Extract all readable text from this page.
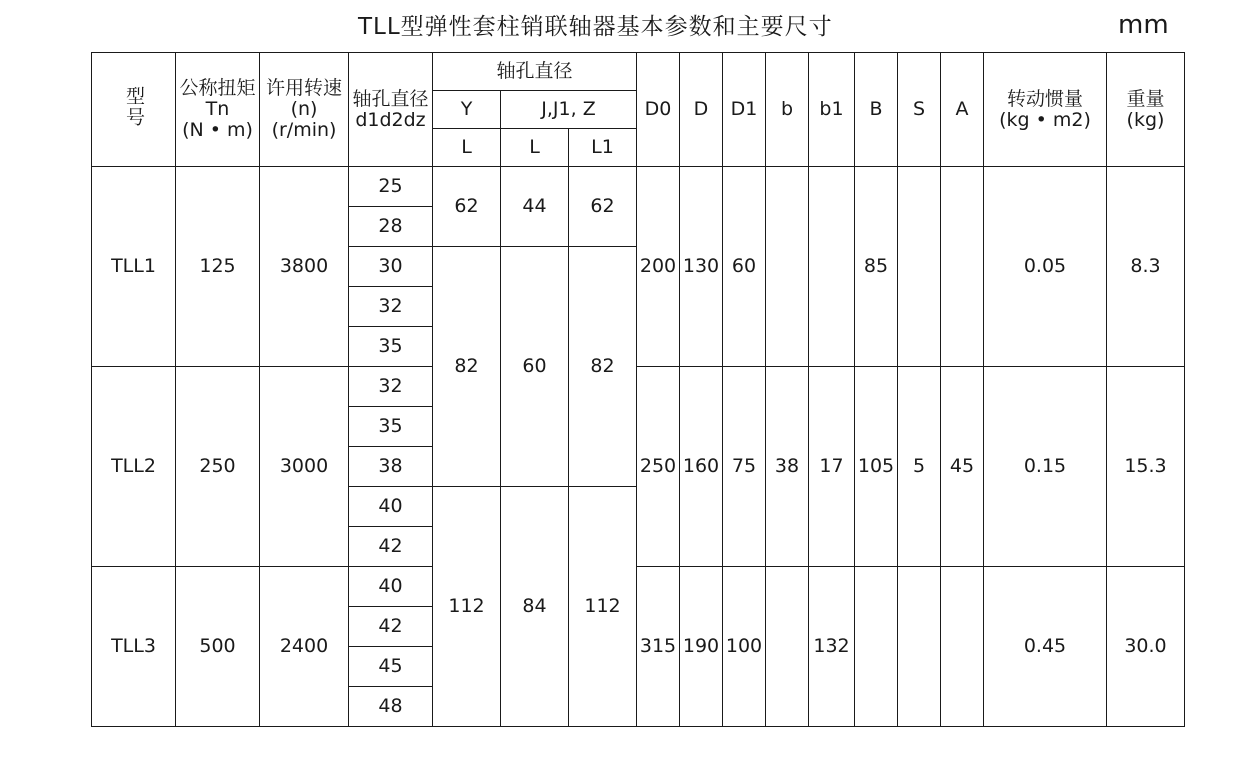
TLL型弹性套柱销联轴器基本参数和主要尺寸	mm
型号	公称扭矩
Tn
(N • m)	许用转速
(n)
(r/min)	轴孔直径
d1d2dz	轴孔直径			D0	D	D1	b	b1	B	S	A	转动惯量
(kg • m2)	重量
(kg)

				Y	J,J1, Z											
				L	L	L1										
TLL1	125	3800	25	62	44	62	200	130	60			85			0.05	8.3
			28													
			30	82	60	82										
			32													
			35													
TLL2	250	3000	32				250	160	75	38	17	105	5	45	0.15	15.3
			35													
			38													
			40	112	84	112										
			42													
TLL3	500	2400	40				315	190	100		132				0.45	30.0
			42													
			45													
			48													
